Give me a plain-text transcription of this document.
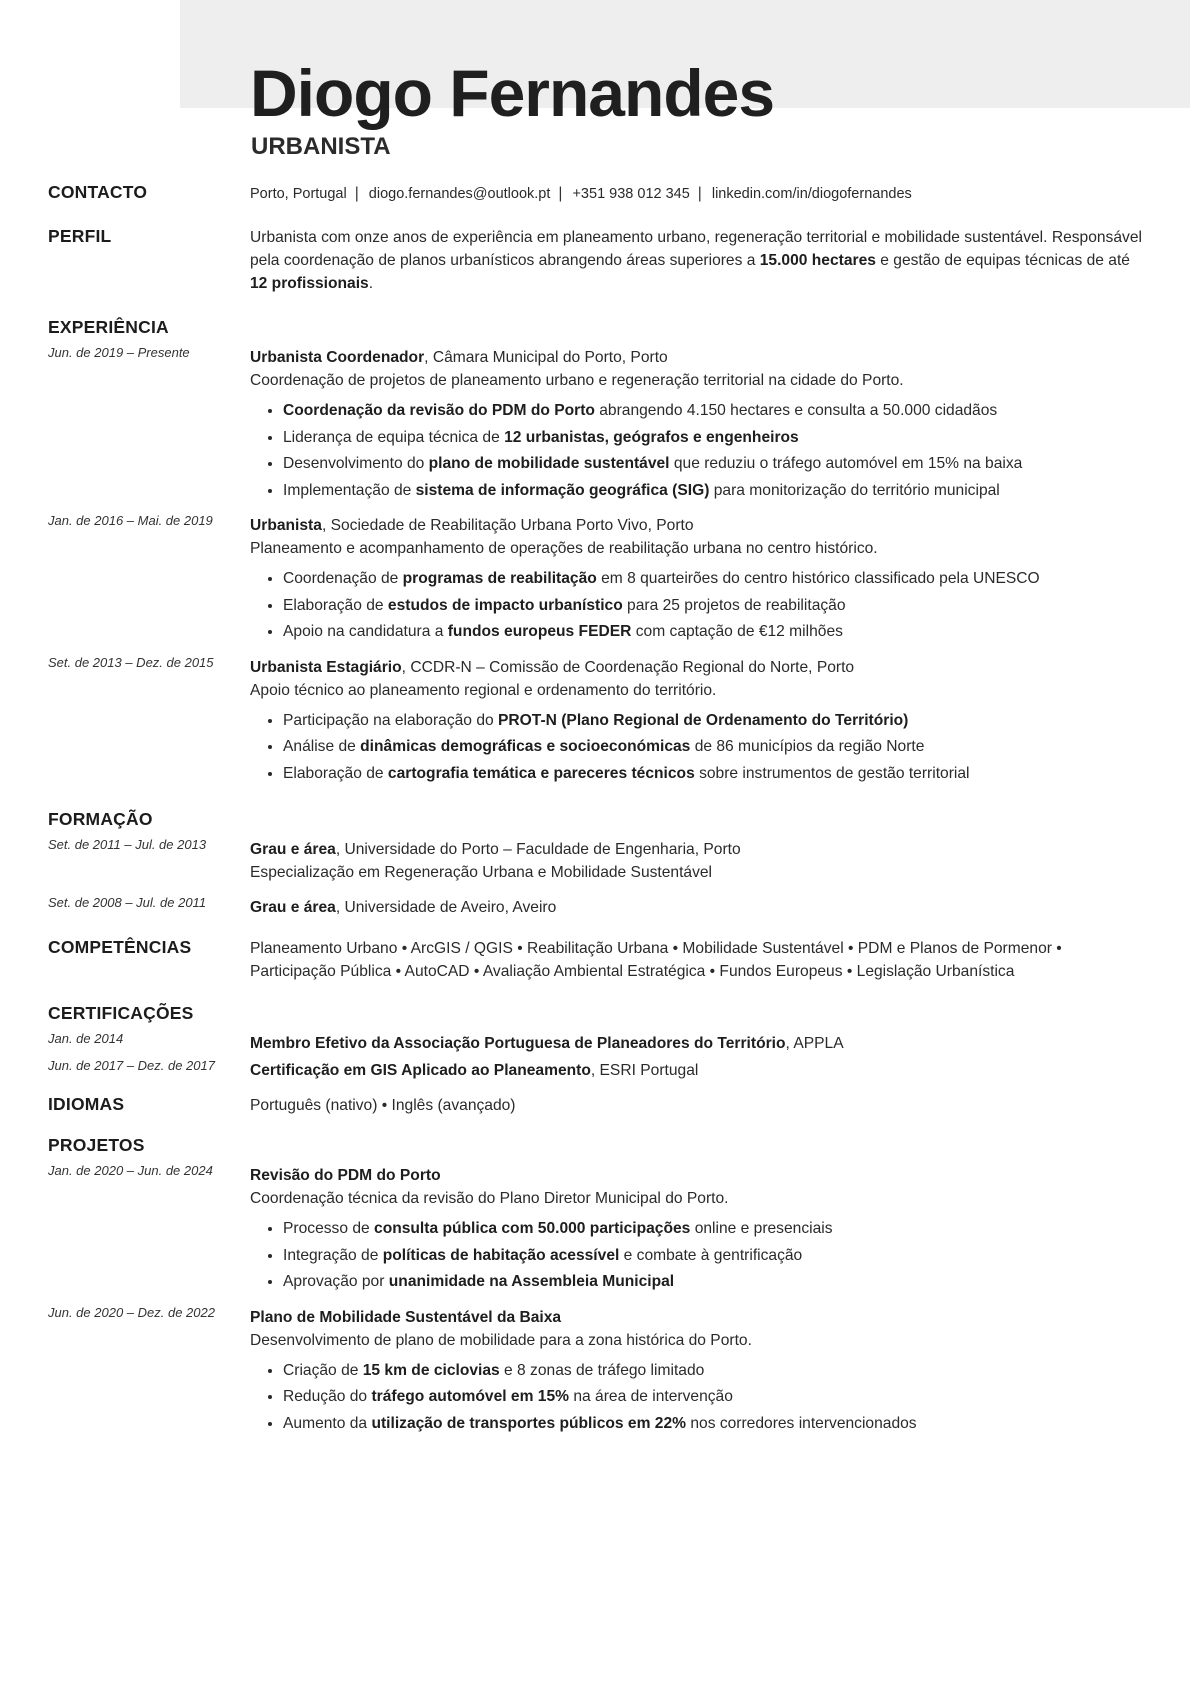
Diogo Fernandes
URBANISTA
CONTACTO	Porto, Portugal | diogo.fernandes@outlook.pt | +351 938 012 345 | linkedin.com/in/diogofernandes
PERFIL	Urbanista com onze anos de experiência em planeamento urbano, regeneração territorial e mobilidade sustentável. Responsável pela coordenação de planos urbanísticos abrangendo áreas superiores a 15.000 hectares e gestão de equipas técnicas de até 12 profissionais.
EXPERIÊNCIA
Jun. de 2019 – Presente	Urbanista Coordenador, Câmara Municipal do Porto, Porto
Coordenação de projetos de planeamento urbano e regeneração territorial na cidade do Porto.
• Coordenação da revisão do PDM do Porto abrangendo 4.150 hectares e consulta a 50.000 cidadãos
• Liderança de equipa técnica de 12 urbanistas, geógrafos e engenheiros
• Desenvolvimento do plano de mobilidade sustentável que reduziu o tráfego automóvel em 15% na baixa
• Implementação de sistema de informação geográfica (SIG) para monitorização do território municipal
Jan. de 2016 – Mai. de 2019	Urbanista, Sociedade de Reabilitação Urbana Porto Vivo, Porto
Planeamento e acompanhamento de operações de reabilitação urbana no centro histórico.
• Coordenação de programas de reabilitação em 8 quarteirões do centro histórico classificado pela UNESCO
• Elaboração de estudos de impacto urbanístico para 25 projetos de reabilitação
• Apoio na candidatura a fundos europeus FEDER com captação de €12 milhões
Set. de 2013 – Dez. de 2015	Urbanista Estagiário, CCDR-N – Comissão de Coordenação Regional do Norte, Porto
Apoio técnico ao planeamento regional e ordenamento do território.
• Participação na elaboração do PROT-N (Plano Regional de Ordenamento do Território)
• Análise de dinâmicas demográficas e socioeconómicas de 86 municípios da região Norte
• Elaboração de cartografia temática e pareceres técnicos sobre instrumentos de gestão territorial
FORMAÇÃO
Set. de 2011 – Jul. de 2013	Grau e área, Universidade do Porto – Faculdade de Engenharia, Porto
Especialização em Regeneração Urbana e Mobilidade Sustentável
Set. de 2008 – Jul. de 2011	Grau e área, Universidade de Aveiro, Aveiro
COMPETÊNCIAS	Planeamento Urbano • ArcGIS / QGIS • Reabilitação Urbana • Mobilidade Sustentável • PDM e Planos de Pormenor • Participação Pública • AutoCAD • Avaliação Ambiental Estratégica • Fundos Europeus • Legislação Urbanística
CERTIFICAÇÕES
Jan. de 2014	Membro Efetivo da Associação Portuguesa de Planeadores do Território, APPLA
Jun. de 2017 – Dez. de 2017	Certificação em GIS Aplicado ao Planeamento, ESRI Portugal
IDIOMAS	Português (nativo) • Inglês (avançado)
PROJETOS
Jan. de 2020 – Jun. de 2024	Revisão do PDM do Porto
Coordenação técnica da revisão do Plano Diretor Municipal do Porto.
• Processo de consulta pública com 50.000 participações online e presenciais
• Integração de políticas de habitação acessível e combate à gentrificação
• Aprovação por unanimidade na Assembleia Municipal
Jun. de 2020 – Dez. de 2022	Plano de Mobilidade Sustentável da Baixa
Desenvolvimento de plano de mobilidade para a zona histórica do Porto.
• Criação de 15 km de ciclovias e 8 zonas de tráfego limitado
• Redução do tráfego automóvel em 15% na área de intervenção
• Aumento da utilização de transportes públicos em 22% nos corredores intervencionados
